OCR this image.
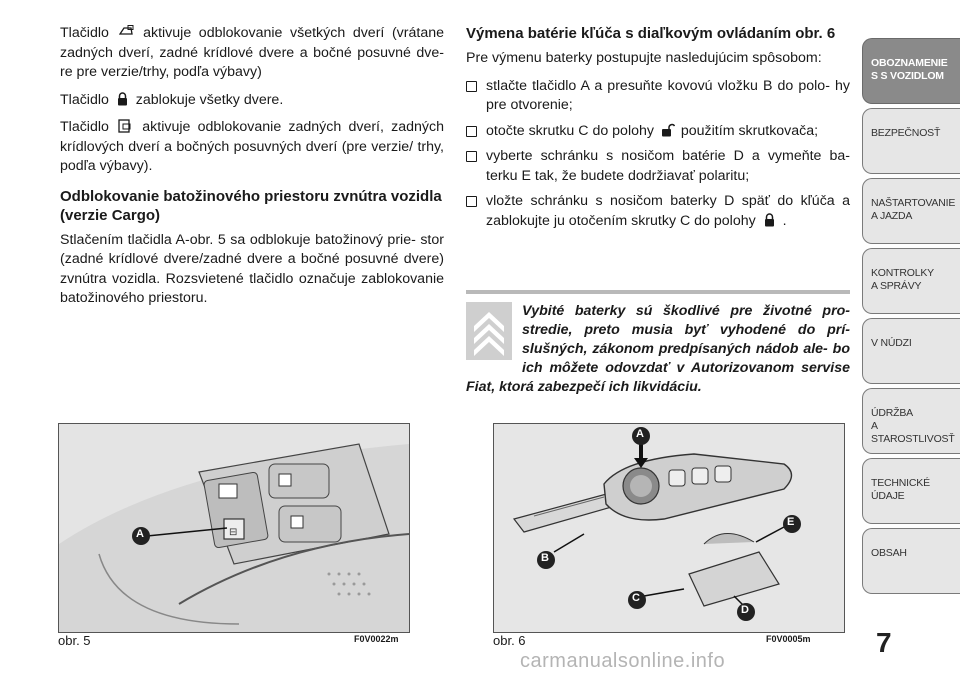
Tlačidlo aktivuje odblokovanie všetkých dverí (vrátane zadných dverí, zadné krídlové dvere a bočné posuvné dve- re pre verzie/trhy, podľa výbavy)

Tlačidlo zablokuje všetky dvere.

Tlačidlo aktivuje odblokovanie zadných dverí, zadných krídlových dverí a bočných posuvných dverí (pre verzie/ trhy, podľa výbavy).

Odblokovanie batožinového priestoru zvnútra vozidla (verzie Cargo)

Stlačením tlačidla A-obr. 5 sa odblokuje batožinový prie- stor (zadné krídlové dvere/zadné dvere a bočné posuvné dvere) zvnútra vozidla. Rozsvietené tlačidlo označuje zablokovanie batožinového priestoru.

Výmena batérie kľúča s diaľkovým ovládaním obr. 6

Pre výmenu baterky postupujte nasledujúcim spôsobom:

stlačte tlačidlo A a presuňte kovovú vložku B do polo- hy pre otvorenie;
otočte skrutku C do polohy použitím skrutkovača;
vyberte schránku s nosičom batérie D a vymeňte ba- terku E tak, že budete dodržiavať polaritu;
vložte schránku s nosičom baterky D späť do kľúča a zablokujte ju otočením skrutky C do polohy .
Vybité baterky sú škodlivé pre životné pro- stredie, preto musia byť vyhodené do prí- slušných, zákonom predpísaných nádob ale- bo ich môžete odovzdať v Autorizovanom servise Fiat, ktorá zabezpečí ich likvidáciu.
⊟
A
obr. 5	F0V0022m
A
B
C
D
E
obr. 6	F0V0005m
OBOZNAMENIE
S S VOZIDLOM
BEZPEČNOSŤ
NAŠTARTOVANIE
A JAZDA
KONTROLKY
A SPRÁVY
V NÚDZI
ÚDRŽBA
A STAROSTLIVOSŤ
TECHNICKÉ
ÚDAJE
OBSAH
7
carmanualsonline.info
